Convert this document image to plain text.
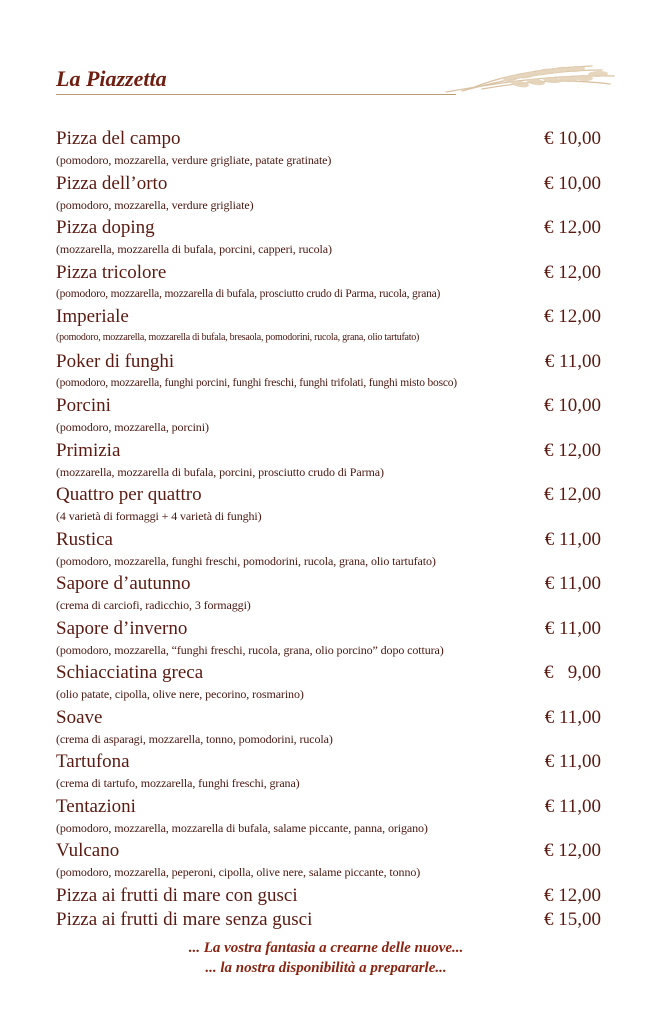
La Piazzetta
Pizza del campo	€ 10,00
(pomodoro, mozzarella, verdure grigliate, patate gratinate)
Pizza dell’orto	€ 10,00
(pomodoro, mozzarella, verdure grigliate)
Pizza doping	€ 12,00
(mozzarella, mozzarella di bufala, porcini, capperi, rucola)
Pizza tricolore	€ 12,00
(pomodoro, mozzarella, mozzarella di bufala, prosciutto crudo di Parma, rucola, grana)
Imperiale	€ 12,00
(pomodoro, mozzarella, mozzarella di bufala, bresaola, pomodorini, rucola, grana, olio tartufato)
Poker di funghi	€ 11,00
(pomodoro, mozzarella, funghi porcini, funghi freschi, funghi trifolati, funghi misto bosco)
Porcini	€ 10,00
(pomodoro, mozzarella, porcini)
Primizia	€ 12,00
(mozzarella, mozzarella di bufala, porcini, prosciutto crudo di Parma)
Quattro per quattro	€ 12,00
(4 varietà di formaggi + 4 varietà di funghi)
Rustica	€ 11,00
(pomodoro, mozzarella, funghi freschi, pomodorini, rucola, grana, olio tartufato)
Sapore d’autunno	€ 11,00
(crema di carciofi, radicchio, 3 formaggi)
Sapore d’inverno	€ 11,00
(pomodoro, mozzarella, “funghi freschi, rucola, grana, olio porcino” dopo cottura)
Schiacciatina greca	€   9,00
(olio patate, cipolla, olive nere, pecorino, rosmarino)
Soave	€ 11,00
(crema di asparagi, mozzarella, tonno, pomodorini, rucola)
Tartufona	€ 11,00
(crema di tartufo, mozzarella, funghi freschi, grana)
Tentazioni	€ 11,00
(pomodoro, mozzarella, mozzarella di bufala, salame piccante, panna, origano)
Vulcano	€ 12,00
(pomodoro, mozzarella, peperoni, cipolla, olive nere, salame piccante, tonno)
Pizza ai frutti di mare con gusci	€ 12,00
Pizza ai frutti di mare senza gusci	€ 15,00
... La vostra fantasia a crearne delle nuove...
... la nostra disponibilità a prepararle...
